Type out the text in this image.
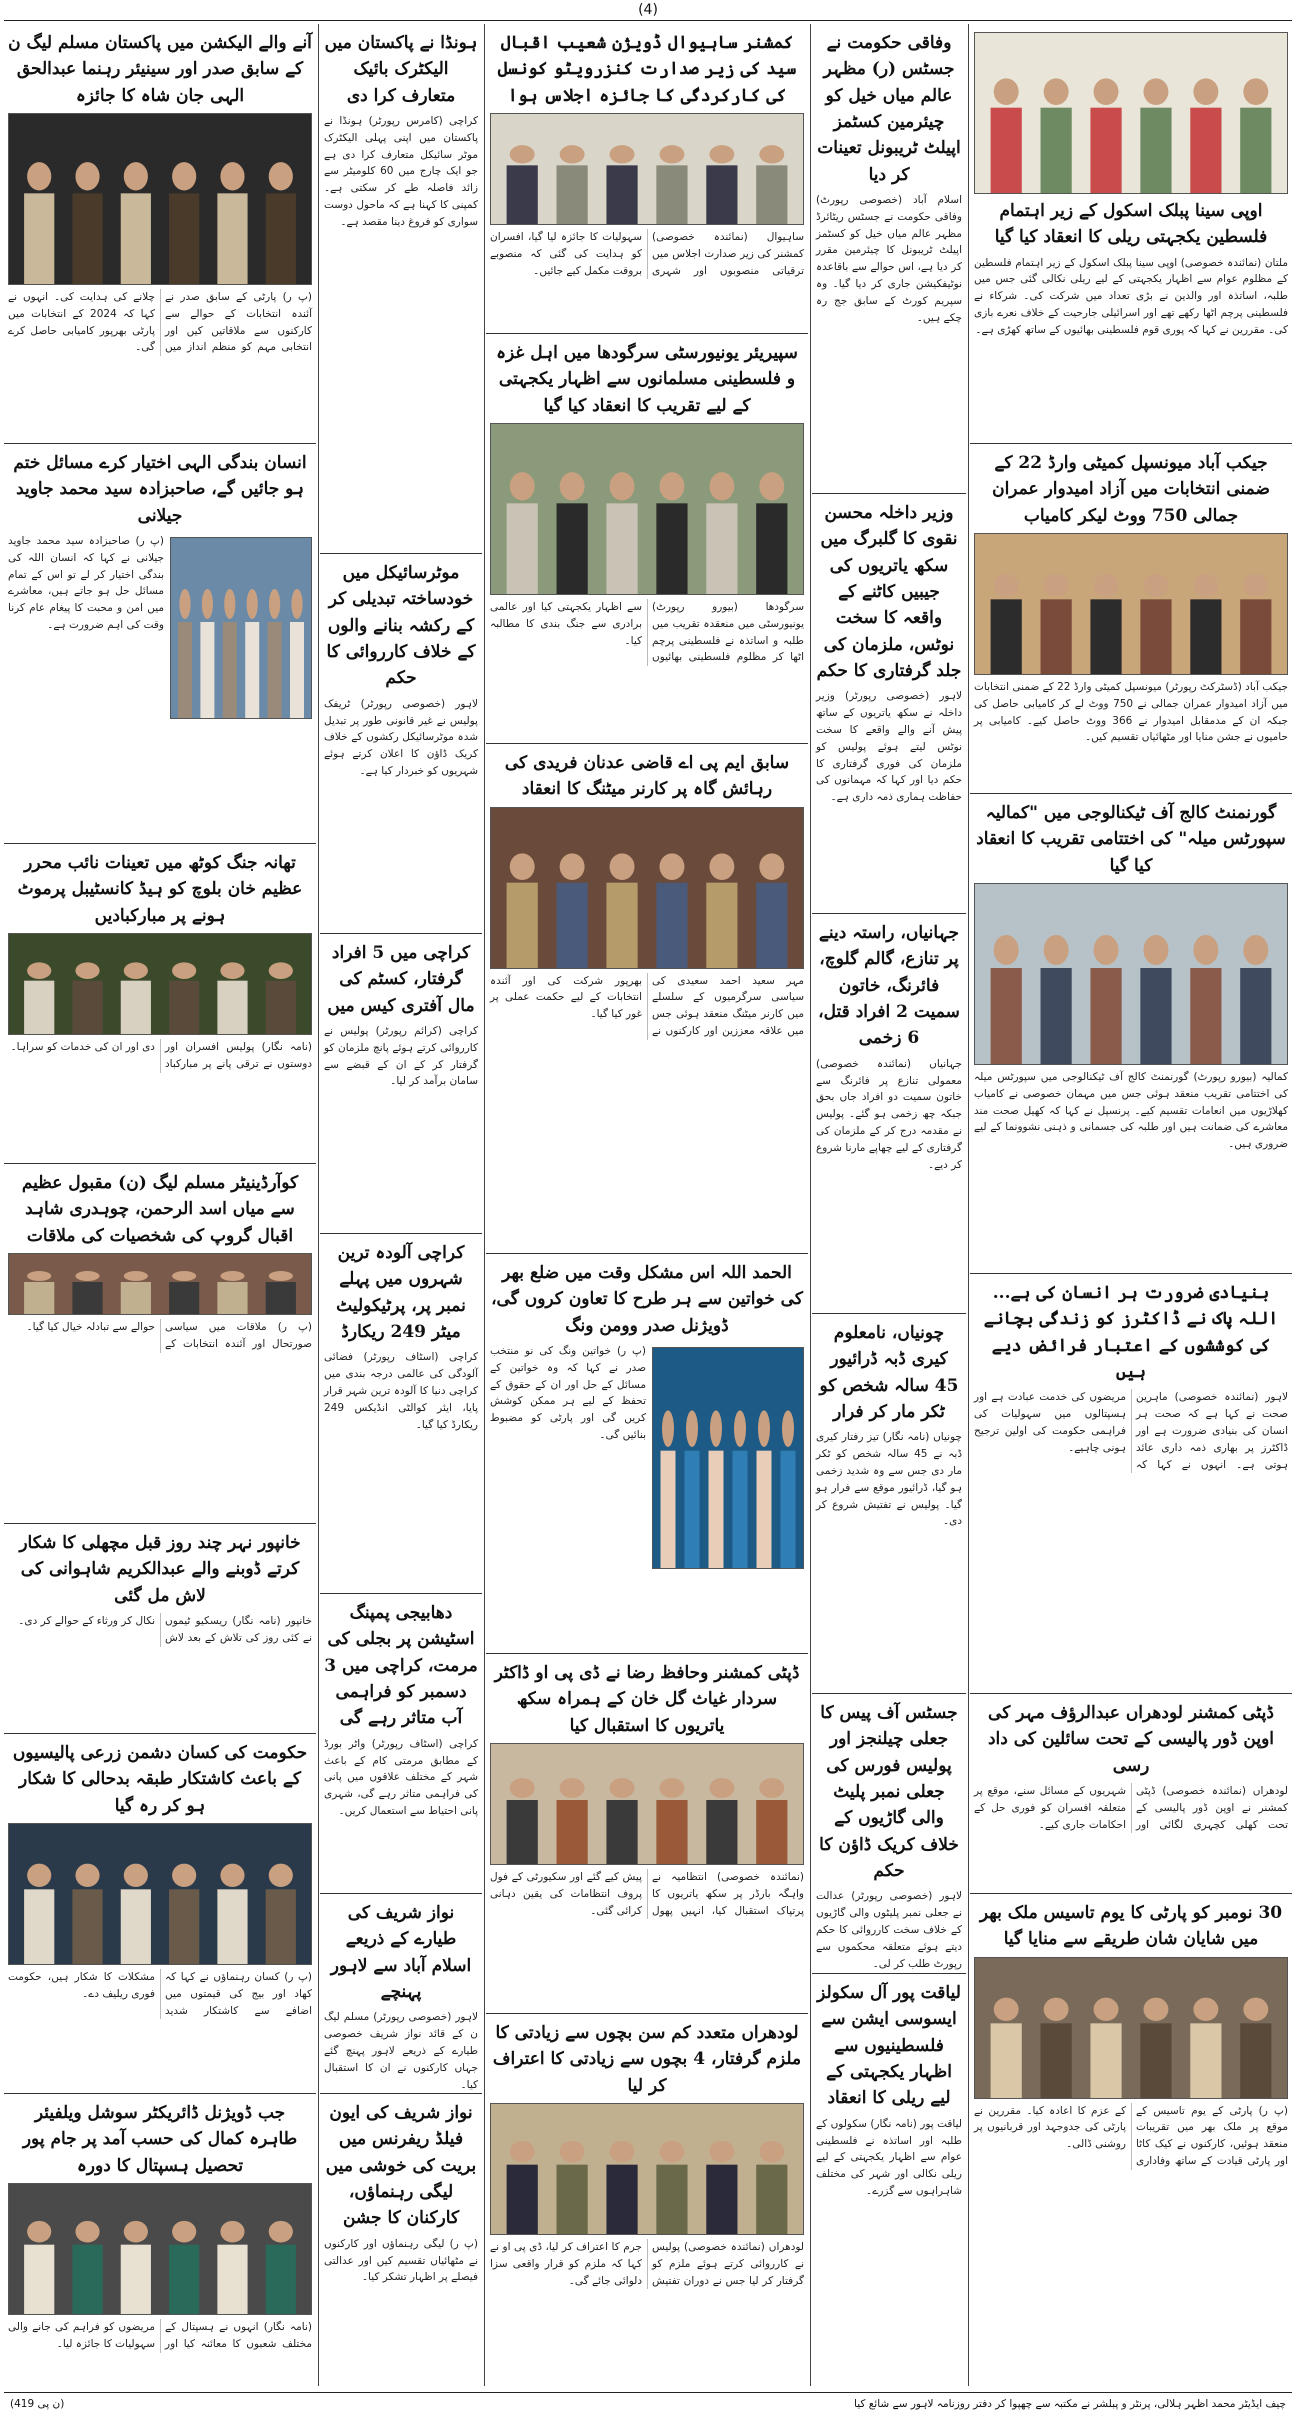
(4)
اوپی سینا پبلک اسکول کے زیر اہتمام فلسطین یکجہتی ریلی کا انعقاد کیا گیا
ملتان (نمائندہ خصوصی) اوپی سینا پبلک اسکول کے زیر اہتمام فلسطین کے مظلوم عوام سے اظہار یکجہتی کے لیے ریلی نکالی گئی جس میں طلبہ، اساتذہ اور والدین نے بڑی تعداد میں شرکت کی۔ شرکاء نے فلسطینی پرچم اٹھا رکھے تھے اور اسرائیلی جارحیت کے خلاف نعرے بازی کی۔ مقررین نے کہا کہ پوری قوم فلسطینی بھائیوں کے ساتھ کھڑی ہے۔
جیکب آباد میونسپل کمیٹی وارڈ 22 کے ضمنی انتخابات میں آزاد امیدوار عمران جمالی 750 ووٹ لیکر کامیاب
جیکب آباد (ڈسٹرکٹ رپورٹر) میونسپل کمیٹی وارڈ 22 کے ضمنی انتخابات میں آزاد امیدوار عمران جمالی نے 750 ووٹ لے کر کامیابی حاصل کی جبکہ ان کے مدمقابل امیدوار نے 366 ووٹ حاصل کیے۔ کامیابی پر حامیوں نے جشن منایا اور مٹھائیاں تقسیم کیں۔
گورنمنٹ کالج آف ٹیکنالوجی میں "کمالیہ سپورٹس میلہ" کی اختتامی تقریب کا انعقاد کیا گیا
کمالیہ (بیورو رپورٹ) گورنمنٹ کالج آف ٹیکنالوجی میں سپورٹس میلہ کی اختتامی تقریب منعقد ہوئی جس میں مہمان خصوصی نے کامیاب کھلاڑیوں میں انعامات تقسیم کیے۔ پرنسپل نے کہا کہ کھیل صحت مند معاشرے کی ضمانت ہیں اور طلبہ کی جسمانی و ذہنی نشوونما کے لیے ضروری ہیں۔
بنیادی ضرورت ہر انسان کی ہے... اللہ پاک نے ڈاکٹرز کو زندگی بچانے کی کوششوں کے اعتبار فرائض دیے ہیں
لاہور (نمائندہ خصوصی) ماہرین صحت نے کہا ہے کہ صحت ہر انسان کی بنیادی ضرورت ہے اور ڈاکٹرز پر بھاری ذمہ داری عائد ہوتی ہے۔ انہوں نے کہا کہ مریضوں کی خدمت عبادت ہے اور ہسپتالوں میں سہولیات کی فراہمی حکومت کی اولین ترجیح ہونی چاہیے۔
ڈپٹی کمشنر لودھراں عبدالرؤف مہر کی اوپن ڈور پالیسی کے تحت سائلین کی داد رسی
لودھراں (نمائندہ خصوصی) ڈپٹی کمشنر نے اوپن ڈور پالیسی کے تحت کھلی کچہری لگائی اور شہریوں کے مسائل سنے، موقع پر متعلقہ افسران کو فوری حل کے احکامات جاری کیے۔
30 نومبر کو پارٹی کا یوم تاسیس ملک بھر میں شایان شان طریقے سے منایا گیا
(پ ر) پارٹی کے یوم تاسیس کے موقع پر ملک بھر میں تقریبات منعقد ہوئیں، کارکنوں نے کیک کاٹا اور پارٹی قیادت کے ساتھ وفاداری کے عزم کا اعادہ کیا۔ مقررین نے پارٹی کی جدوجہد اور قربانیوں پر روشنی ڈالی۔
وفاقی حکومت نے جسٹس (ر) مظہر عالم میاں خیل کو چیئرمین کسٹمز اپیلٹ ٹریبونل تعینات کر دیا
اسلام آباد (خصوصی رپورٹ) وفاقی حکومت نے جسٹس ریٹائرڈ مظہر عالم میاں خیل کو کسٹمز اپیلٹ ٹریبونل کا چیئرمین مقرر کر دیا ہے، اس حوالے سے باقاعدہ نوٹیفکیشن جاری کر دیا گیا۔ وہ سپریم کورٹ کے سابق جج رہ چکے ہیں۔
وزیر داخلہ محسن نقوی کا گلبرگ میں سکھ یاتریوں کی جیبیں کاٹنے کے واقعہ کا سخت نوٹس، ملزمان کی جلد گرفتاری کا حکم
لاہور (خصوصی رپورٹر) وزیر داخلہ نے سکھ یاتریوں کے ساتھ پیش آنے والے واقعے کا سخت نوٹس لیتے ہوئے پولیس کو ملزمان کی فوری گرفتاری کا حکم دیا اور کہا کہ مہمانوں کی حفاظت ہماری ذمہ داری ہے۔
جہانیاں، راستہ دینے پر تنازع، گالم گلوچ، فائرنگ، خاتون سمیت 2 افراد قتل، 6 زخمی
جہانیاں (نمائندہ خصوصی) معمولی تنازع پر فائرنگ سے خاتون سمیت دو افراد جاں بحق جبکہ چھ زخمی ہو گئے۔ پولیس نے مقدمہ درج کر کے ملزمان کی گرفتاری کے لیے چھاپے مارنا شروع کر دیے۔
چونیاں، نامعلوم کیری ڈبہ ڈرائیور 45 سالہ شخص کو ٹکر مار کر فرار
چونیاں (نامہ نگار) تیز رفتار کیری ڈبہ نے 45 سالہ شخص کو ٹکر مار دی جس سے وہ شدید زخمی ہو گیا، ڈرائیور موقع سے فرار ہو گیا۔ پولیس نے تفتیش شروع کر دی۔
جسٹس آف پیس کا جعلی چیلنجز اور پولیس فورس کی جعلی نمبر پلیٹ والی گاڑیوں کے خلاف کریک ڈاؤن کا حکم
لاہور (خصوصی رپورٹر) عدالت نے جعلی نمبر پلیٹوں والی گاڑیوں کے خلاف سخت کارروائی کا حکم دیتے ہوئے متعلقہ محکموں سے رپورٹ طلب کر لی۔
لیاقت پور آل سکولز ایسوسی ایشن سے فلسطینیوں سے اظہار یکجہتی کے لیے ریلی کا انعقاد
لیاقت پور (نامہ نگار) سکولوں کے طلبہ اور اساتذہ نے فلسطینی عوام سے اظہار یکجہتی کے لیے ریلی نکالی اور شہر کی مختلف شاہراہوں سے گزرے۔
کمشنر ساہیوال ڈویژن شعیب اقبال سید کی زیر صدارت کنزرویٹو کونسل کی کارکردگی کا جائزہ اجلاس ہوا
ساہیوال (نمائندہ خصوصی) کمشنر کی زیر صدارت اجلاس میں ترقیاتی منصوبوں اور شہری سہولیات کا جائزہ لیا گیا، افسران کو ہدایت کی گئی کہ منصوبے بروقت مکمل کیے جائیں۔
سپیریئر یونیورسٹی سرگودھا میں اہل غزہ و فلسطینی مسلمانوں سے اظہار یکجہتی کے لیے تقریب کا انعقاد کیا گیا
سرگودھا (بیورو رپورٹ) یونیورسٹی میں منعقدہ تقریب میں طلبہ و اساتذہ نے فلسطینی پرچم اٹھا کر مظلوم فلسطینی بھائیوں سے اظہار یکجہتی کیا اور عالمی برادری سے جنگ بندی کا مطالبہ کیا۔
سابق ایم پی اے قاضی عدنان فریدی کی رہائش گاہ پر کارنر میٹنگ کا انعقاد
مہر سعید احمد سعیدی کی سیاسی سرگرمیوں کے سلسلے میں کارنر میٹنگ منعقد ہوئی جس میں علاقہ معززین اور کارکنوں نے بھرپور شرکت کی اور آئندہ انتخابات کے لیے حکمت عملی پر غور کیا گیا۔
الحمد اللہ اس مشکل وقت میں ضلع بھر کی خواتین سے ہر طرح کا تعاون کروں گی، ڈویژنل صدر وومن ونگ
(پ ر) خواتین ونگ کی نو منتخب صدر نے کہا کہ وہ خواتین کے مسائل کے حل اور ان کے حقوق کے تحفظ کے لیے ہر ممکن کوشش کریں گی اور پارٹی کو مضبوط بنائیں گی۔
ڈپٹی کمشنر وحافظ رضا نے ڈی پی او ڈاکٹر سردار غیاث گل خان کے ہمراہ سکھ یاتریوں کا استقبال کیا
(نمائندہ خصوصی) انتظامیہ نے واہگہ بارڈر پر سکھ یاتریوں کا پرتپاک استقبال کیا، انہیں پھول پیش کیے گئے اور سکیورٹی کے فول پروف انتظامات کی یقین دہانی کرائی گئی۔
لودھراں متعدد کم سن بچوں سے زیادتی کا ملزم گرفتار، 4 بچوں سے زیادتی کا اعتراف کر لیا
لودھراں (نمائندہ خصوصی) پولیس نے کارروائی کرتے ہوئے ملزم کو گرفتار کر لیا جس نے دوران تفتیش جرم کا اعتراف کر لیا، ڈی پی او نے کہا کہ ملزم کو قرار واقعی سزا دلوائی جائے گی۔
ہونڈا نے پاکستان میں الیکٹرک بائیک متعارف کرا دی
کراچی (کامرس رپورٹر) ہونڈا نے پاکستان میں اپنی پہلی الیکٹرک موٹر سائیکل متعارف کرا دی ہے جو ایک چارج میں 60 کلومیٹر سے زائد فاصلہ طے کر سکتی ہے۔ کمپنی کا کہنا ہے کہ ماحول دوست سواری کو فروغ دینا مقصد ہے۔
موٹرسائیکل میں خودساختہ تبدیلی کر کے رکشہ بنانے والوں کے خلاف کارروائی کا حکم
لاہور (خصوصی رپورٹر) ٹریفک پولیس نے غیر قانونی طور پر تبدیل شدہ موٹرسائیکل رکشوں کے خلاف کریک ڈاؤن کا اعلان کرتے ہوئے شہریوں کو خبردار کیا ہے۔
کراچی میں 5 افراد گرفتار، کسٹم کی مال آفتری کیس میں
کراچی (کرائم رپورٹر) پولیس نے کارروائی کرتے ہوئے پانچ ملزمان کو گرفتار کر کے ان کے قبضے سے سامان برآمد کر لیا۔
کراچی آلودہ ترین شہروں میں پہلے نمبر پر، پرٹیکولیٹ میٹر 249 ریکارڈ
کراچی (اسٹاف رپورٹر) فضائی آلودگی کی عالمی درجہ بندی میں کراچی دنیا کا آلودہ ترین شہر قرار پایا، ایئر کوالٹی انڈیکس 249 ریکارڈ کیا گیا۔
دھابیجی پمپنگ اسٹیشن پر بجلی کی مرمت، کراچی میں 3 دسمبر کو فراہمی آب متاثر رہے گی
کراچی (اسٹاف رپورٹر) واٹر بورڈ کے مطابق مرمتی کام کے باعث شہر کے مختلف علاقوں میں پانی کی فراہمی متاثر رہے گی، شہری پانی احتیاط سے استعمال کریں۔
نواز شریف کی طیارے کے ذریعے اسلام آباد سے لاہور پہنچے
لاہور (خصوصی رپورٹر) مسلم لیگ ن کے قائد نواز شریف خصوصی طیارے کے ذریعے لاہور پہنچ گئے جہاں کارکنوں نے ان کا استقبال کیا۔
نواز شریف کی ایون فیلڈ ریفرنس میں بریت کی خوشی میں لیگی رہنماؤں، کارکنان کا جشن
(پ ر) لیگی رہنماؤں اور کارکنوں نے مٹھائیاں تقسیم کیں اور عدالتی فیصلے پر اظہار تشکر کیا۔
آنے والے الیکشن میں پاکستان مسلم لیگ ن کے سابق صدر اور سینیئر رہنما عبدالحق الہی جان شاہ کا جائزہ
(پ ر) پارٹی کے سابق صدر نے آئندہ انتخابات کے حوالے سے کارکنوں سے ملاقاتیں کیں اور انتخابی مہم کو منظم انداز میں چلانے کی ہدایت کی۔ انہوں نے کہا کہ 2024 کے انتخابات میں پارٹی بھرپور کامیابی حاصل کرے گی۔
انسان بندگی الہی اختیار کرے مسائل ختم ہو جائیں گے، صاحبزادہ سید محمد جاوید جیلانی
(پ ر) صاحبزادہ سید محمد جاوید جیلانی نے کہا کہ انسان اللہ کی بندگی اختیار کر لے تو اس کے تمام مسائل حل ہو جاتے ہیں، معاشرے میں امن و محبت کا پیغام عام کرنا وقت کی اہم ضرورت ہے۔
تھانہ جنگ کوٹھ میں تعینات نائب محرر عظیم خان بلوچ کو ہیڈ کانسٹیبل پرموٹ ہونے پر مبارکبادیں
(نامہ نگار) پولیس افسران اور دوستوں نے ترقی پانے پر مبارکباد دی اور ان کی خدمات کو سراہا۔
کوآرڈینیٹر مسلم لیگ (ن) مقبول عظیم سے میاں اسد الرحمن، چوہدری شاہد اقبال گروپ کی شخصیات کی ملاقات
(پ ر) ملاقات میں سیاسی صورتحال اور آئندہ انتخابات کے حوالے سے تبادلہ خیال کیا گیا۔
خانپور نہر چند روز قبل مچھلی کا شکار کرتے ڈوبنے والے عبدالکریم شاہوانی کی لاش مل گئی
خانپور (نامہ نگار) ریسکیو ٹیموں نے کئی روز کی تلاش کے بعد لاش نکال کر ورثاء کے حوالے کر دی۔
حکومت کی کسان دشمن زرعی پالیسیوں کے باعث کاشتکار طبقہ بدحالی کا شکار ہو کر رہ گیا
(پ ر) کسان رہنماؤں نے کہا کہ کھاد اور بیج کی قیمتوں میں اضافے سے کاشتکار شدید مشکلات کا شکار ہیں، حکومت فوری ریلیف دے۔
جب ڈویژنل ڈائریکٹر سوشل ویلفیئر طاہرہ کمال کی حسب آمد پر جام پور تحصیل ہسپتال کا دورہ
(نامہ نگار) انہوں نے ہسپتال کے مختلف شعبوں کا معائنہ کیا اور مریضوں کو فراہم کی جانے والی سہولیات کا جائزہ لیا۔
چیف ایڈیٹر محمد اظہر ہلالی، پرنٹر و پبلشر نے مکتبہ سے چھپوا کر دفتر روزنامہ لاہور سے شائع کیا
(ن پی 419)
